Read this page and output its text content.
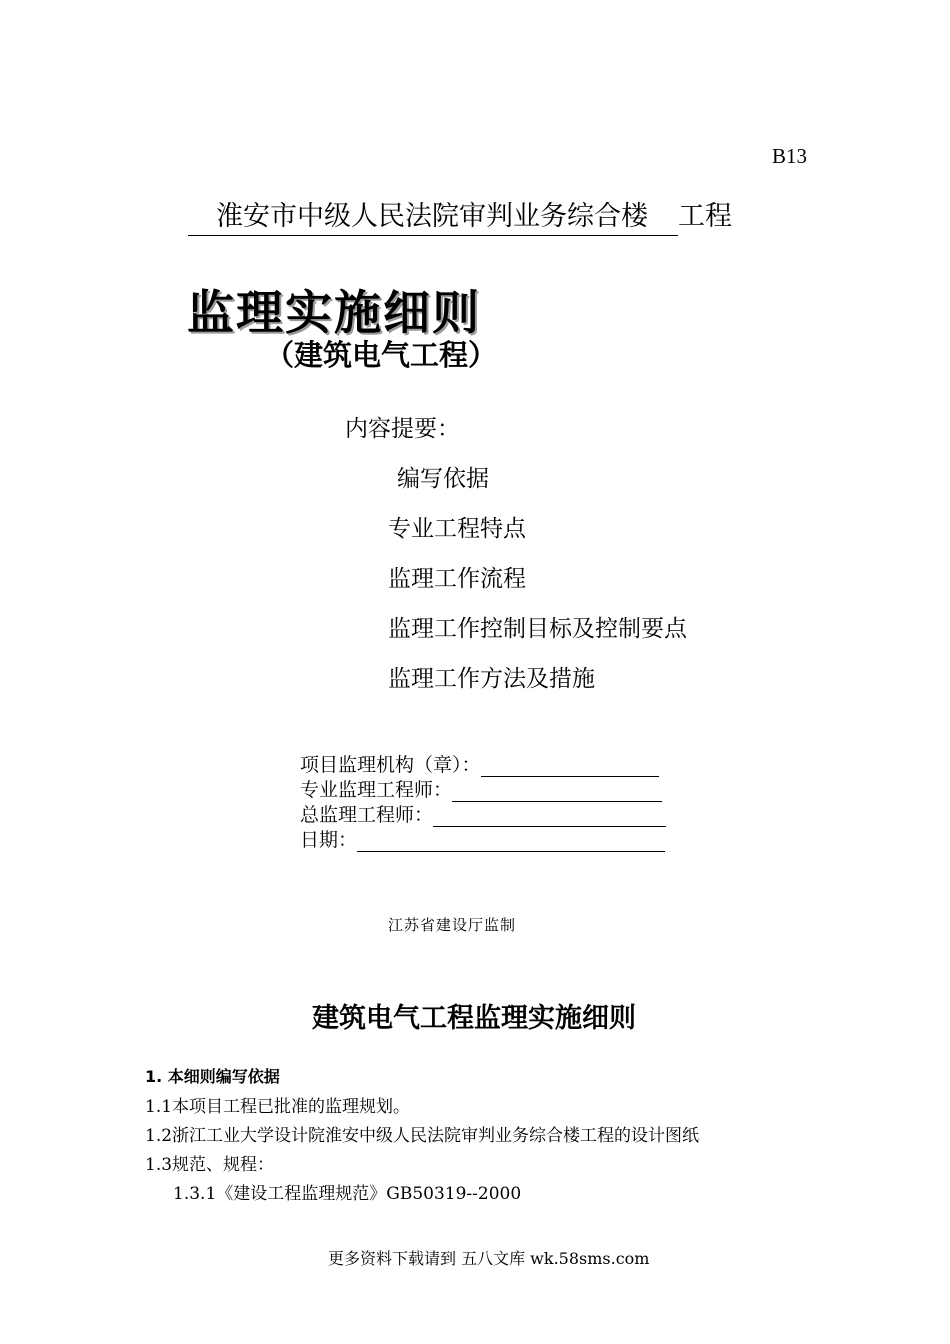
B13
淮安市中级人民法院审判业务综合楼 工程
监理实施细则
（建筑电气工程）
内容提要：
编写依据
专业工程特点
监理工作流程
监理工作控制目标及控制要点
监理工作方法及措施
项目监理机构（章）：
专业监理工程师：
总监理工程师：
日期：
江苏省建设厅监制
建筑电气工程监理实施细则
1. 本细则编写依据
1.1本项目工程已批准的监理规划。
1.2浙江工业大学设计院淮安中级人民法院审判业务综合楼工程的设计图纸
1.3规范、规程：
1.3.1《建设工程监理规范》GB50319--2000
更多资料下载请到 五八文库 wk.58sms.com
